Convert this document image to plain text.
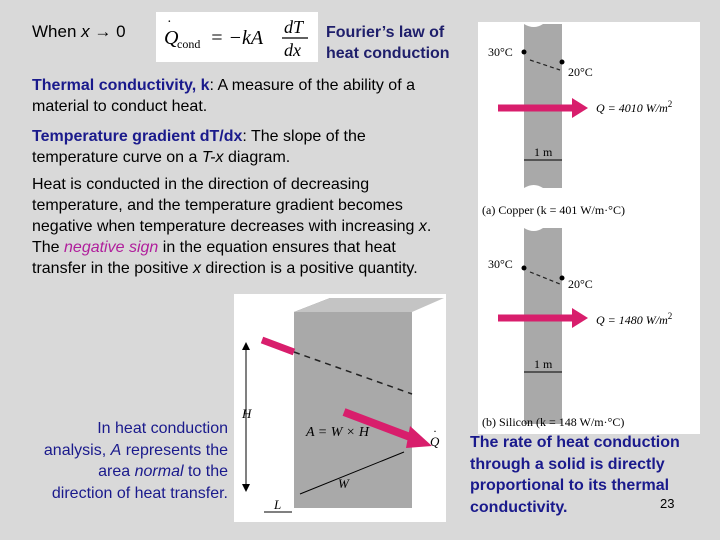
When x → 0 Q
·
cond = −kA dT
dx
Fourier’s law of
heat conduction
Thermal conductivity, k: A measure of the ability of a material to conduct heat.
Temperature gradient dT/dx: The slope of the temperature curve on a T-x diagram.
Heat is conducted in the direction of decreasing temperature, and the temperature gradient becomes negative when temperature decreases with increasing x. The negative sign in the equation ensures that heat transfer in the positive x direction is a positive quantity.
H
W
L
A = W × H
Q
·
In heat conduction analysis, A represents the area normal to the direction of heat transfer.
30°C
20°C
Q = 4010 $W/m^2$
1 m
(a) Copper (k = 401 W/m·°C)
30°C
20°C
Q = 1480 $W/m^2$
1 m
(b) Silicon (k = 148 W/m·°C)
The rate of heat conduction through a solid is directly proportional to its thermal conductivity.	23
